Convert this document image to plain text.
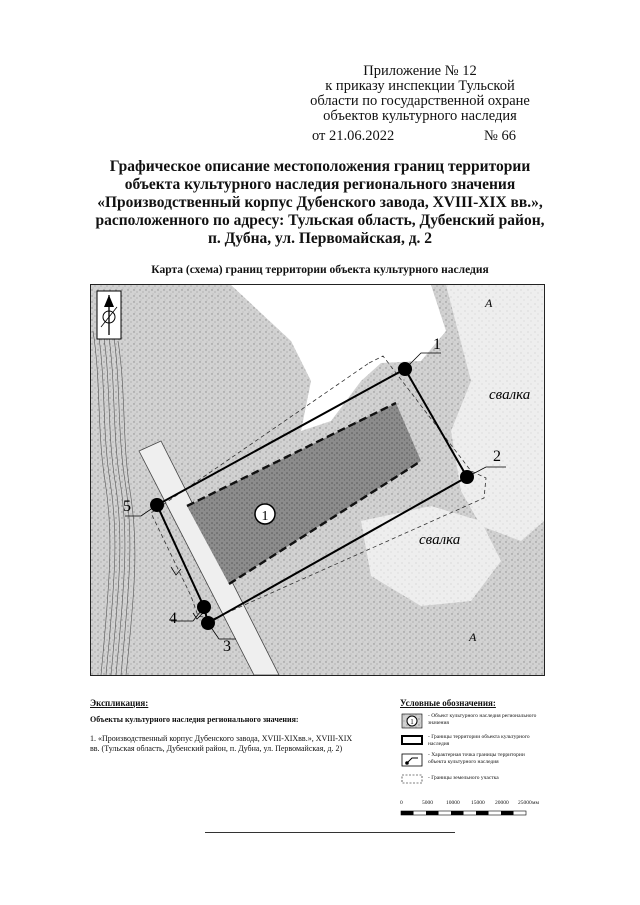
Приложение № 12
к приказу инспекции Тульской
области по государственной охране
объектов культурного наследия
от 21.06.2022	№ 66
Графическое описание местоположения границ территории
объекта культурного наследия регионального значения
«Производственный корпус Дубенского завода, XVIII-XIX вв.»,
расположенного по адресу: Тульская область, Дубенский район,
п. Дубна, ул. Первомайская, д. 2
Карта (схема) границ территории объекта культурного наследия
1
2
3
4
5
1
свалка
свалка
А
А
Экспликация:
Объекты культурного наследия регионального значения:
1. «Производственный корпус Дубенского завода, XVIII-XIXвв.», XVIII-XIX
вв. (Тульская область, Дубенский район, п. Дубна, ул. Первомайская, д. 2)
Условные обозначения:
1
- Объект культурного наследия регионального значения
- Границы территории объекта культурного наследия
- Характерная точка границы территории объекта культурного наследия
- Границы земельного участка
0	5000 10000 15000 20000 25000 мм
